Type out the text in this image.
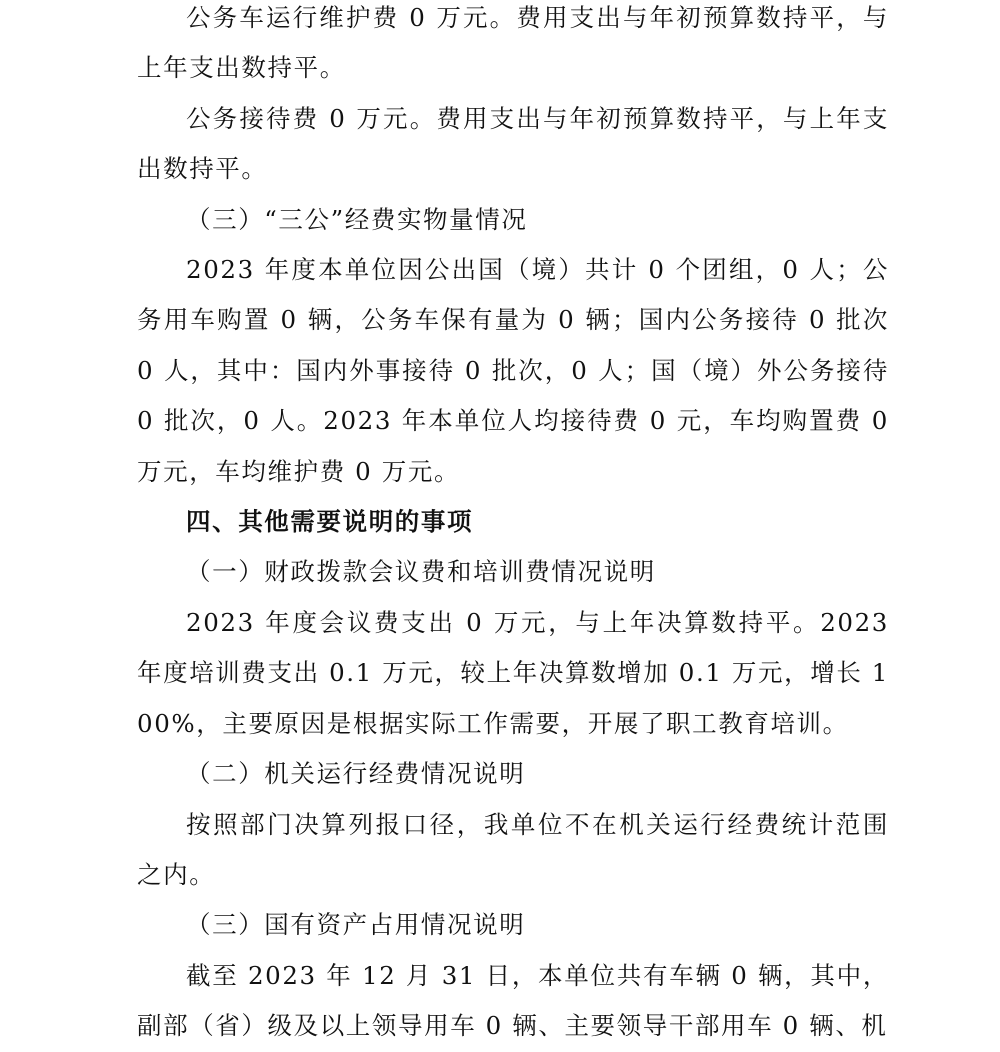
公务车运行维护费 0 万元。费用支出与年初预算数持平，与上年支出数持平。

公务接待费 0 万元。费用支出与年初预算数持平，与上年支出数持平。

（三）“三公”经费实物量情况

2023 年度本单位因公出国（境）共计 0 个团组，0 人；公务用车购置 0 辆，公务车保有量为 0 辆；国内公务接待 0 批次 0 人，其中：国内外事接待 0 批次，0 人；国（境）外公务接待 0 批次，0 人。2023 年本单位人均接待费 0 元，车均购置费 0 万元，车均维护费 0 万元。

四、其他需要说明的事项

（一）财政拨款会议费和培训费情况说明

2023 年度会议费支出 0 万元，与上年决算数持平。2023 年度培训费支出 0.1 万元，较上年决算数增加 0.1 万元，增长 100%，主要原因是根据实际工作需要，开展了职工教育培训。

（二）机关运行经费情况说明

按照部门决算列报口径，我单位不在机关运行经费统计范围之内。

（三）国有资产占用情况说明

截至 2023 年 12 月 31 日，本单位共有车辆 0 辆，其中，副部（省）级及以上领导用车 0 辆、主要领导干部用车 0 辆、机
